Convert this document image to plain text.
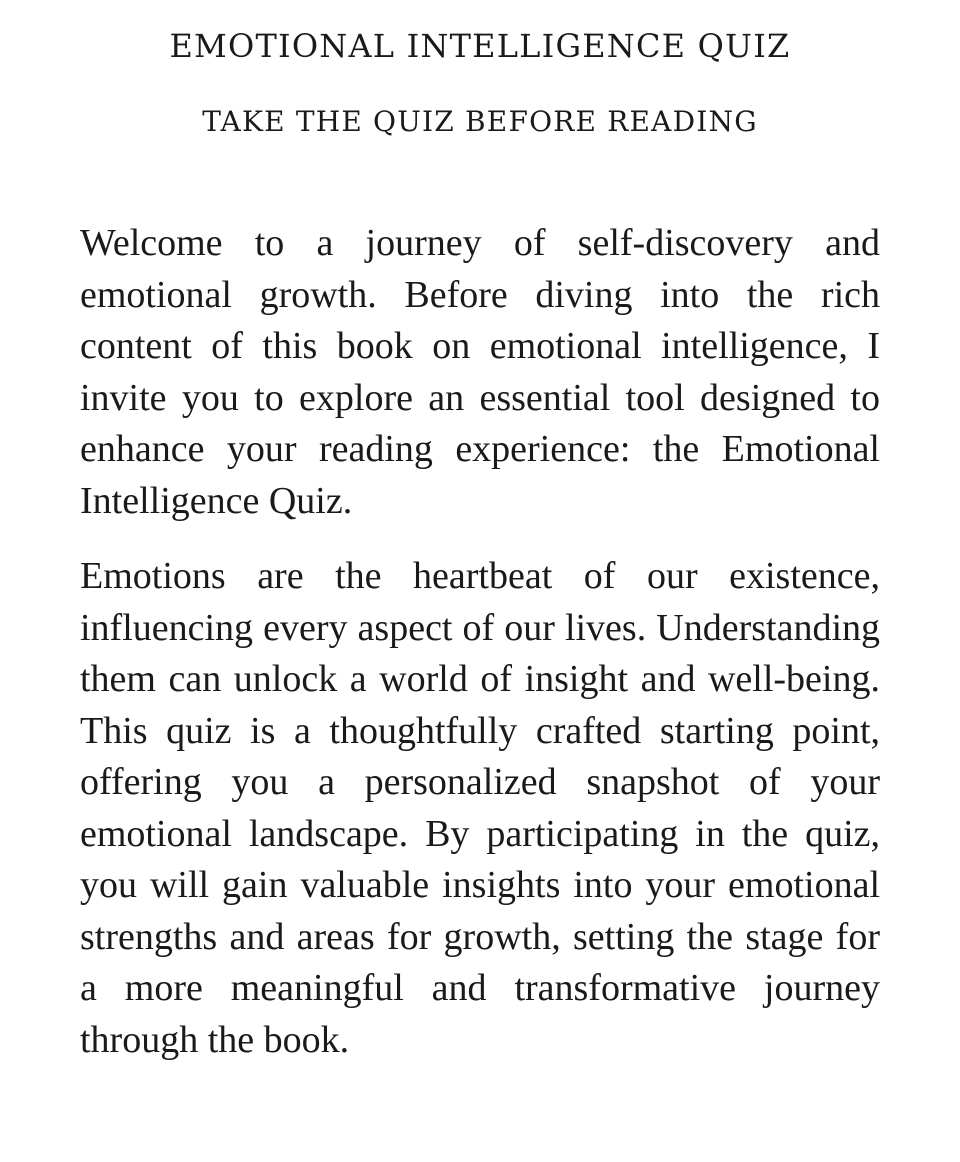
EMOTIONAL INTELLIGENCE QUIZ
TAKE THE QUIZ BEFORE READING

Welcome to a journey of self-discovery and emotional growth. Before diving into the rich content of this book on emotional intelligence, I invite you to explore an essential tool designed to enhance your reading experience: the Emotional Intelligence Quiz.

Emotions are the heartbeat of our existence, influencing every aspect of our lives. Understanding them can unlock a world of insight and well-being. This quiz is a thoughtfully crafted starting point, offering you a personalized snapshot of your emotional landscape. By participating in the quiz, you will gain valuable insights into your emotional strengths and areas for growth, setting the stage for a more meaningful and transformative journey through the book.
